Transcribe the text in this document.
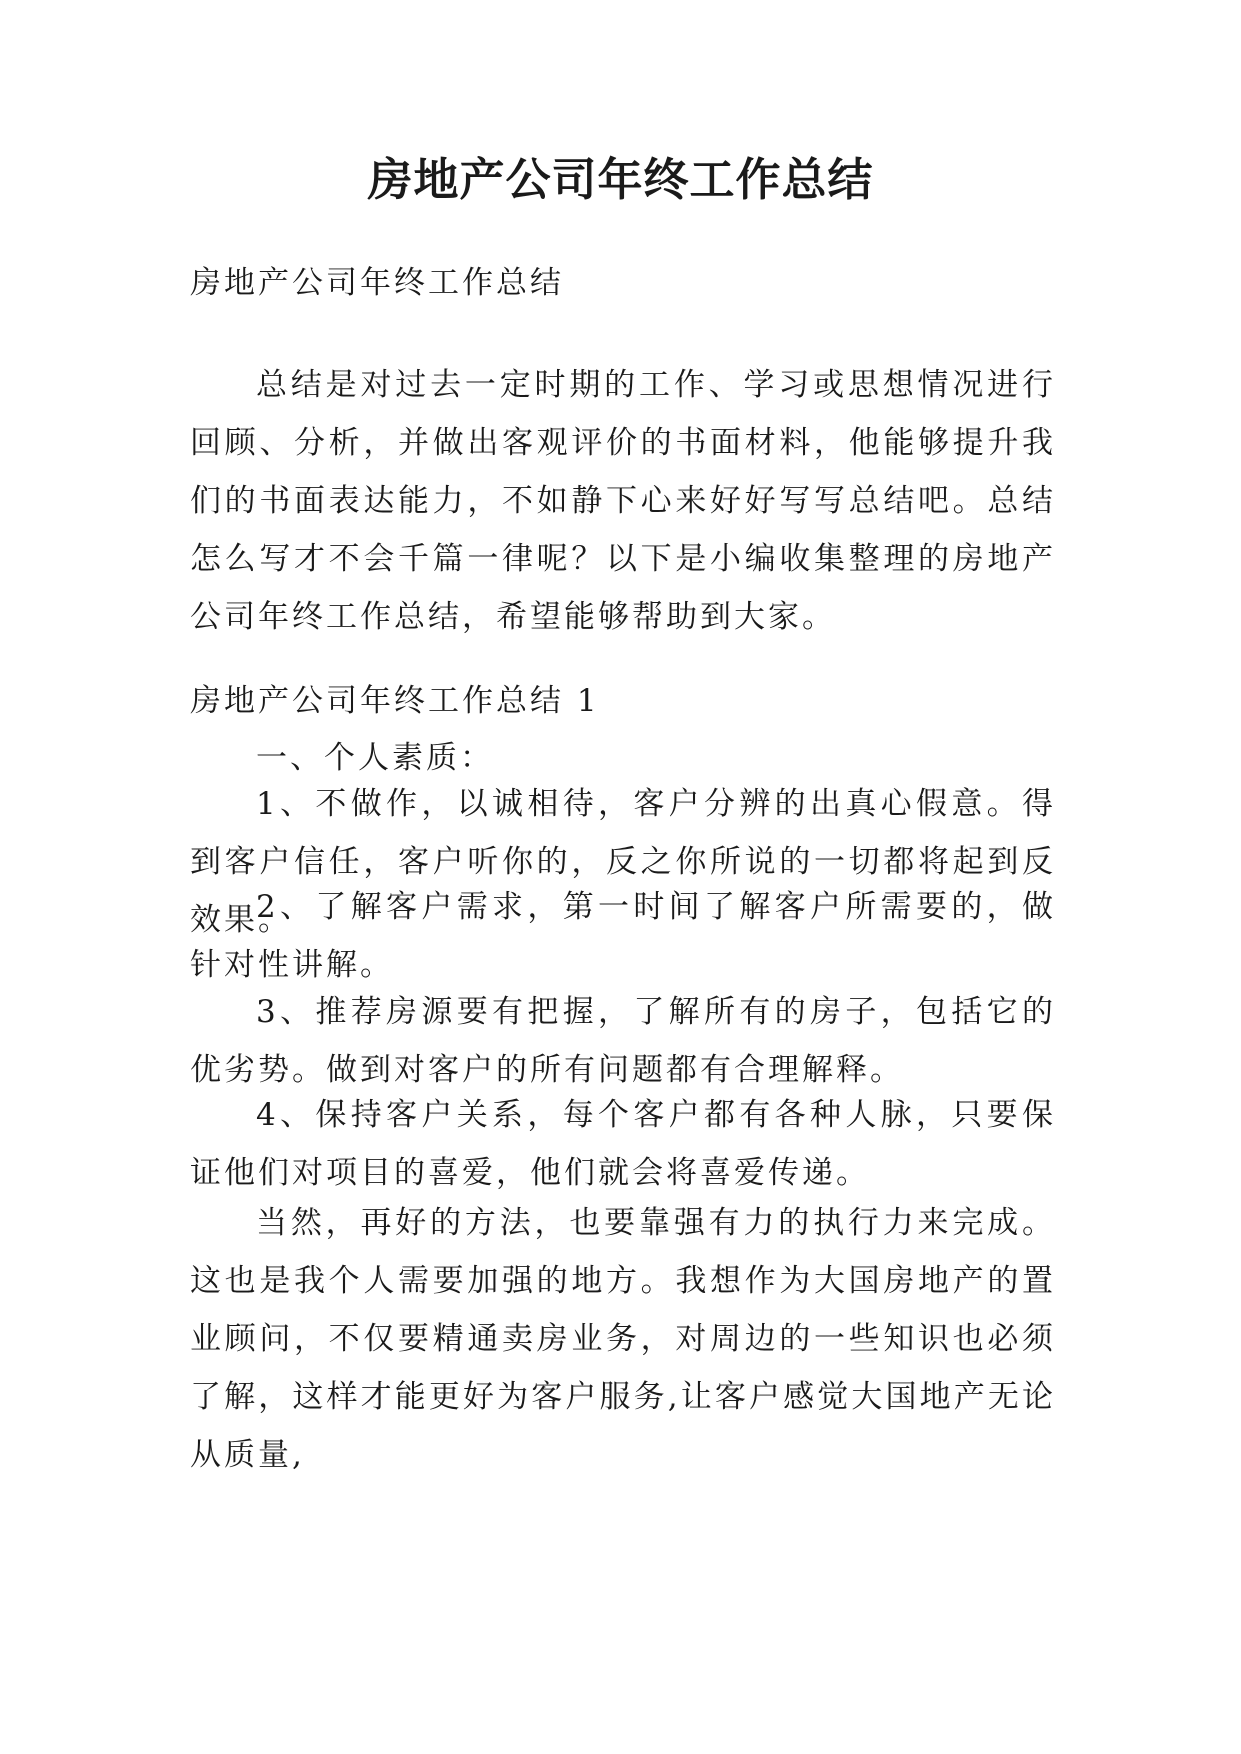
房地产公司年终工作总结

房地产公司年终工作总结

总结是对过去一定时期的工作、学习或思想情况进行回顾、分析，并做出客观评价的书面材料，他能够提升我们的书面表达能力，不如静下心来好好写写总结吧。总结怎么写才不会千篇一律呢？以下是小编收集整理的房地产公司年终工作总结，希望能够帮助到大家。

房地产公司年终工作总结 1

一、个人素质：

1、不做作，以诚相待，客户分辨的出真心假意。得到客户信任，客户听你的，反之你所说的一切都将起到反效果。

2、了解客户需求，第一时间了解客户所需要的，做针对性讲解。

3、推荐房源要有把握，了解所有的房子，包括它的优劣势。做到对客户的所有问题都有合理解释。

4、保持客户关系，每个客户都有各种人脉，只要保证他们对项目的喜爱，他们就会将喜爱传递。

当然，再好的方法，也要靠强有力的执行力来完成。这也是我个人需要加强的地方。我想作为大国房地产的置业顾问，不仅要精通卖房业务，对周边的一些知识也必须了解，这样才能更好为客户服务,让客户感觉大国地产无论从质量,
